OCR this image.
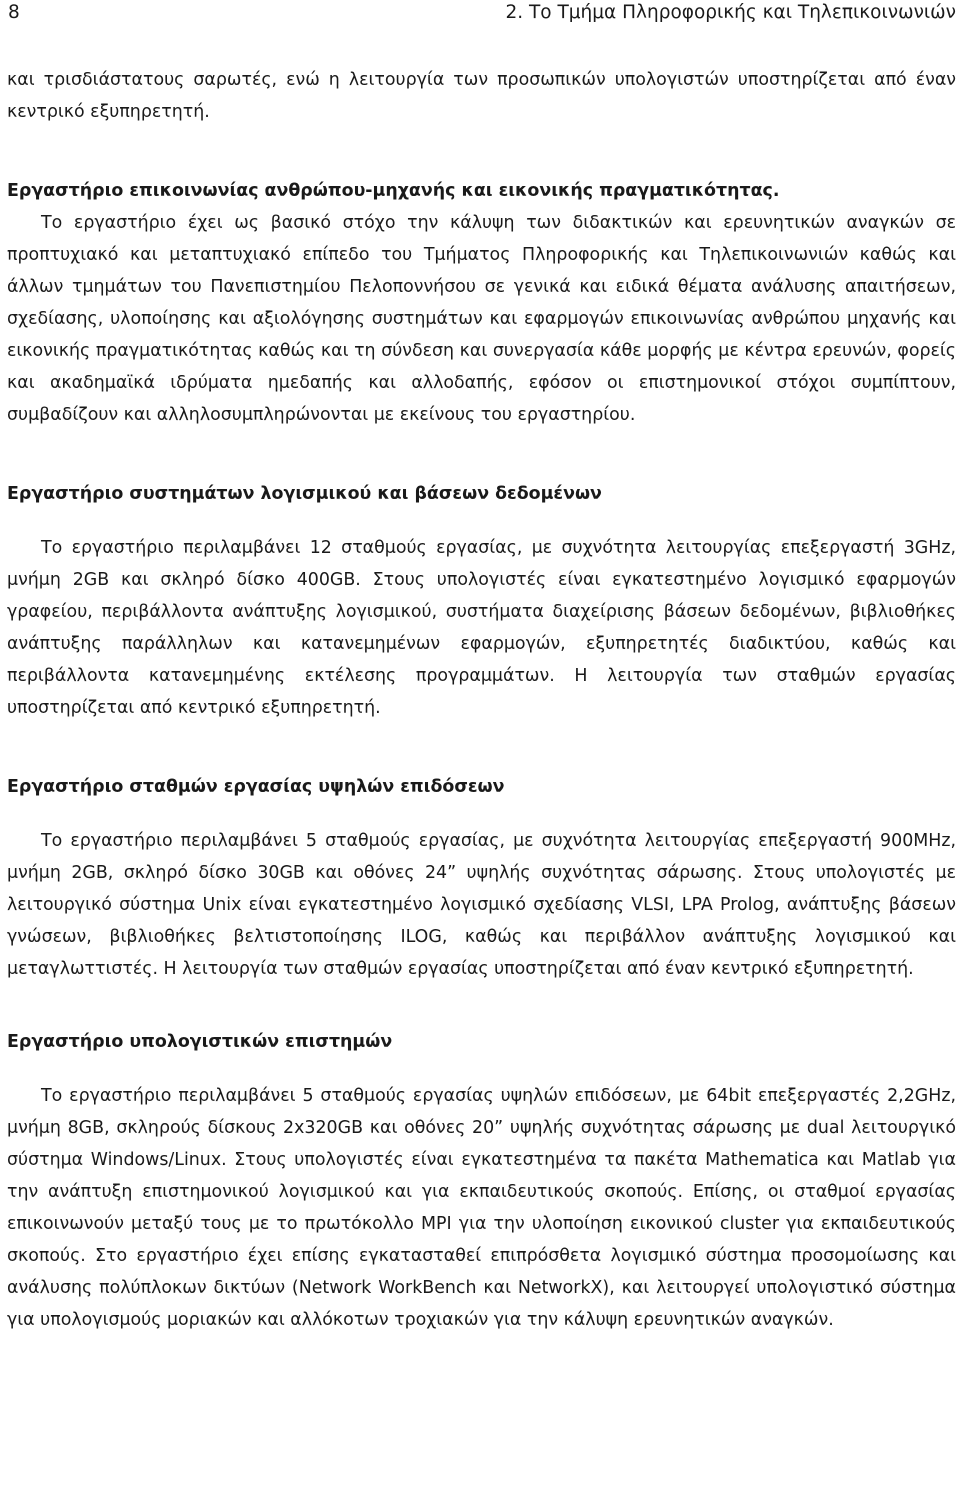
8	2. Το Τμήμα Πληροφορικής και Τηλεπικοινωνιών

και τρισδιάστατους σαρωτές, ενώ η λειτουργία των προσωπικών υπολογιστών υποστηρίζεται από έναν κεντρικό εξυπηρετητή.

Εργαστήριο επικοινωνίας ανθρώπου-μηχανής και εικονικής πραγματικότητας.

Το εργαστήριο έχει ως βασικό στόχο την κάλυψη των διδακτικών και ερευνητικών αναγκών σε προπτυχιακό και μεταπτυχιακό επίπεδο του Τμήματος Πληροφορικής και Τηλεπικοινωνιών καθώς και άλλων τμημάτων του Πανεπιστημίου Πελοποννήσου σε γενικά και ειδικά θέματα ανάλυσης απαιτήσεων, σχεδίασης, υλοποίησης και αξιολόγησης συστημάτων και εφαρμογών επικοινωνίας ανθρώπου μηχανής και εικονικής πραγματικότητας καθώς και τη σύνδεση και συνεργασία κάθε μορφής με κέντρα ερευνών, φορείς και ακαδημαϊκά ιδρύματα ημεδαπής και αλλοδαπής, εφόσον οι επιστημονικοί στόχοι συμπίπτουν, συμβαδίζουν και αλληλοσυμπληρώνονται με εκείνους του εργαστηρίου.

Εργαστήριο συστημάτων λογισμικού και βάσεων δεδομένων

Το εργαστήριο περιλαμβάνει 12 σταθμούς εργασίας, με συχνότητα λειτουργίας επεξεργαστή 3GHz, μνήμη 2GB και σκληρό δίσκο 400GB. Στους υπολογιστές είναι εγκατεστημένο λογισμικό εφαρμογών γραφείου, περιβάλλοντα ανάπτυξης λογισμικού, συστήματα διαχείρισης βάσεων δεδομένων, βιβλιοθήκες ανάπτυξης παράλληλων και κατανεμημένων εφαρμογών, εξυπηρετητές διαδικτύου, καθώς και περιβάλλοντα κατανεμημένης εκτέλεσης προγραμμάτων. Η λειτουργία των σταθμών εργασίας υποστηρίζεται από κεντρικό εξυπηρετητή.

Εργαστήριο σταθμών εργασίας υψηλών επιδόσεων

Το εργαστήριο περιλαμβάνει 5 σταθμούς εργασίας, με συχνότητα λειτουργίας επεξεργαστή 900MHz, μνήμη 2GB, σκληρό δίσκο 30GB και οθόνες 24” υψηλής συχνότητας σάρωσης. Στους υπολογιστές με λειτουργικό σύστημα Unix είναι εγκατεστημένο λογισμικό σχεδίασης VLSI, LPA Prolog, ανάπτυξης βάσεων γνώσεων, βιβλιοθήκες βελτιστοποίησης ILOG, καθώς και περιβάλλον ανάπτυξης λογισμικού και μεταγλωττιστές. Η λειτουργία των σταθμών εργασίας υποστηρίζεται από έναν κεντρικό εξυπηρετητή.

Εργαστήριο υπολογιστικών επιστημών

Το εργαστήριο περιλαμβάνει 5 σταθμούς εργασίας υψηλών επιδόσεων, με 64bit επεξεργαστές 2,2GHz, μνήμη 8GB, σκληρούς δίσκους 2x320GB και οθόνες 20” υψηλής συχνότητας σάρωσης με dual λειτουργικό σύστημα Windows/Linux. Στους υπολογιστές είναι εγκατεστημένα τα πακέτα Mathematica και Matlab για την ανάπτυξη επιστημονικού λογισμικού και για εκπαιδευτικούς σκοπούς. Επίσης, οι σταθμοί εργασίας επικοινωνούν μεταξύ τους με το πρωτόκολλο MPI για την υλοποίηση εικονικού cluster για εκπαιδευτικούς σκοπούς. Στο εργαστήριο έχει επίσης εγκατασταθεί επιπρόσθετα λογισμικό σύστημα προσομοίωσης και ανάλυσης πολύπλοκων δικτύων (Network WorkBench και NetworkX), και λειτουργεί υπολογιστικό σύστημα για υπολογισμούς μοριακών και αλλόκοτων τροχιακών για την κάλυψη ερευνητικών αναγκών.
